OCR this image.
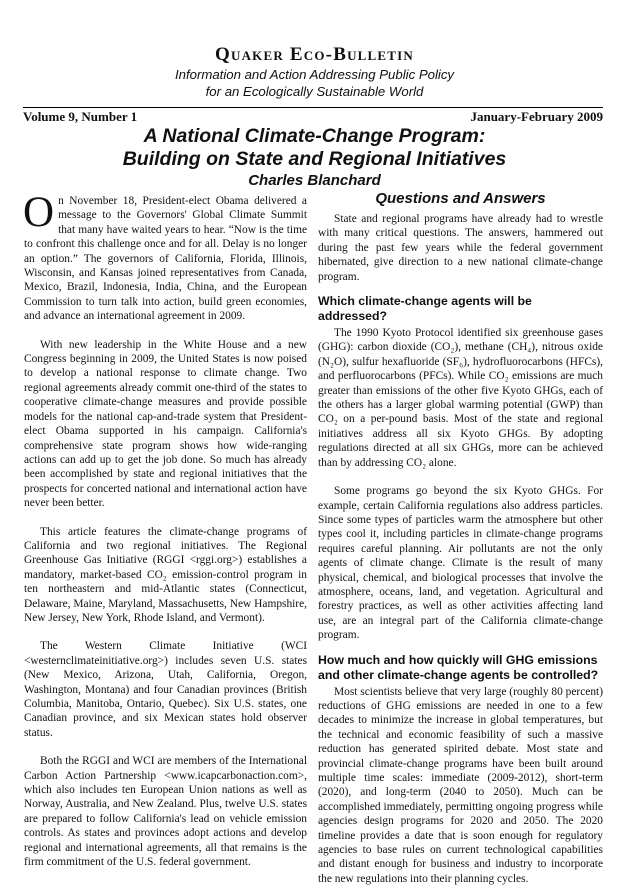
Quaker Eco-Bulletin
Information and Action Addressing Public Policy
for an Ecologically Sustainable World
Volume 9, Number 1	January-February 2009
A National Climate-Change Program:
Building on State and Regional Initiatives
Charles Blanchard

On November 18, President-elect Obama delivered a message to the Governors' Global Climate Summit that many have waited years to hear. “Now is the time to confront this challenge once and for all. Delay is no longer an option.” The governors of California, Florida, Illinois, Wisconsin, and Kansas joined representatives from Canada, Mexico, Brazil, Indonesia, India, China, and the European Commission to turn talk into action, build green economies, and advance an international agreement in 2009.

With new leadership in the White House and a new Congress beginning in 2009, the United States is now poised to develop a national response to climate change. Two regional agreements already commit one-third of the states to cooperative climate-change measures and provide possible models for the national cap-and-trade system that President-elect Obama supported in his campaign. California's comprehensive state program shows how wide-ranging actions can add up to get the job done. So much has already been accomplished by state and regional initiatives that the prospects for concerted national and international action have never been better.

This article features the climate-change programs of California and two regional initiatives. The Regional Greenhouse Gas Initiative (RGGI <rggi.org>) establishes a mandatory, market-based CO₂ emission-control program in ten northeastern and mid-Atlantic states (Connecticut, Delaware, Maine, Maryland, Massachusetts, New Hampshire, New Jersey, New York, Rhode Island, and Vermont).

The Western Climate Initiative (WCI <westernclimateinitiative.org>) includes seven U.S. states (New Mexico, Arizona, Utah, California, Oregon, Washington, Montana) and four Canadian provinces (British Columbia, Manitoba, Ontario, Quebec). Six U.S. states, one Canadian province, and six Mexican states hold observer status.

Both the RGGI and WCI are members of the International Carbon Action Partnership <www.icapcarbonaction.com>, which also includes ten European Union nations as well as Norway, Australia, and New Zealand. Plus, twelve U.S. states are prepared to follow California's lead on vehicle emission controls. As states and provinces adopt actions and develop regional and international agreements, all that remains is the firm commitment of the U.S. federal government.

Questions and Answers

State and regional programs have already had to wrestle with many critical questions. The answers, hammered out during the past few years while the federal government hibernated, give direction to a new national climate-change program.

Which climate-change agents will be addressed?

The 1990 Kyoto Protocol identified six greenhouse gases (GHG): carbon dioxide (CO₂), methane (CH₄), nitrous oxide (N₂O), sulfur hexafluoride (SF₆), hydrofluorocarbons (HFCs), and perfluorocarbons (PFCs). While CO₂ emissions are much greater than emissions of the other five Kyoto GHGs, each of the others has a larger global warming potential (GWP) than CO₂ on a per-pound basis. Most of the state and regional initiatives address all six Kyoto GHGs. By adopting regulations directed at all six GHGs, more can be achieved than by addressing CO₂ alone.

Some programs go beyond the six Kyoto GHGs. For example, certain California regulations also address particles. Since some types of particles warm the atmosphere but other types cool it, including particles in climate-change programs requires careful planning. Air pollutants are not the only agents of climate change. Climate is the result of many physical, chemical, and biological processes that involve the atmosphere, oceans, land, and vegetation. Agricultural and forestry practices, as well as other activities affecting land use, are an integral part of the California climate-change program.

How much and how quickly will GHG emissions and other climate-change agents be controlled?

Most scientists believe that very large (roughly 80 percent) reductions of GHG emissions are needed in one to a few decades to minimize the increase in global temperatures, but the technical and economic feasibility of such a massive reduction has generated spirited debate. Most state and provincial climate-change programs have been built around multiple time scales: immediate (2009-2012), short-term (2020), and long-term (2040 to 2050). Much can be accomplished immediately, permitting ongoing progress while agencies design programs for 2020 and 2050. The 2020 timeline provides a date that is soon enough for regulatory agencies to base rules on current technological capabilities and distant enough for business and industry to incorporate the new regulations into their planning cycles.
